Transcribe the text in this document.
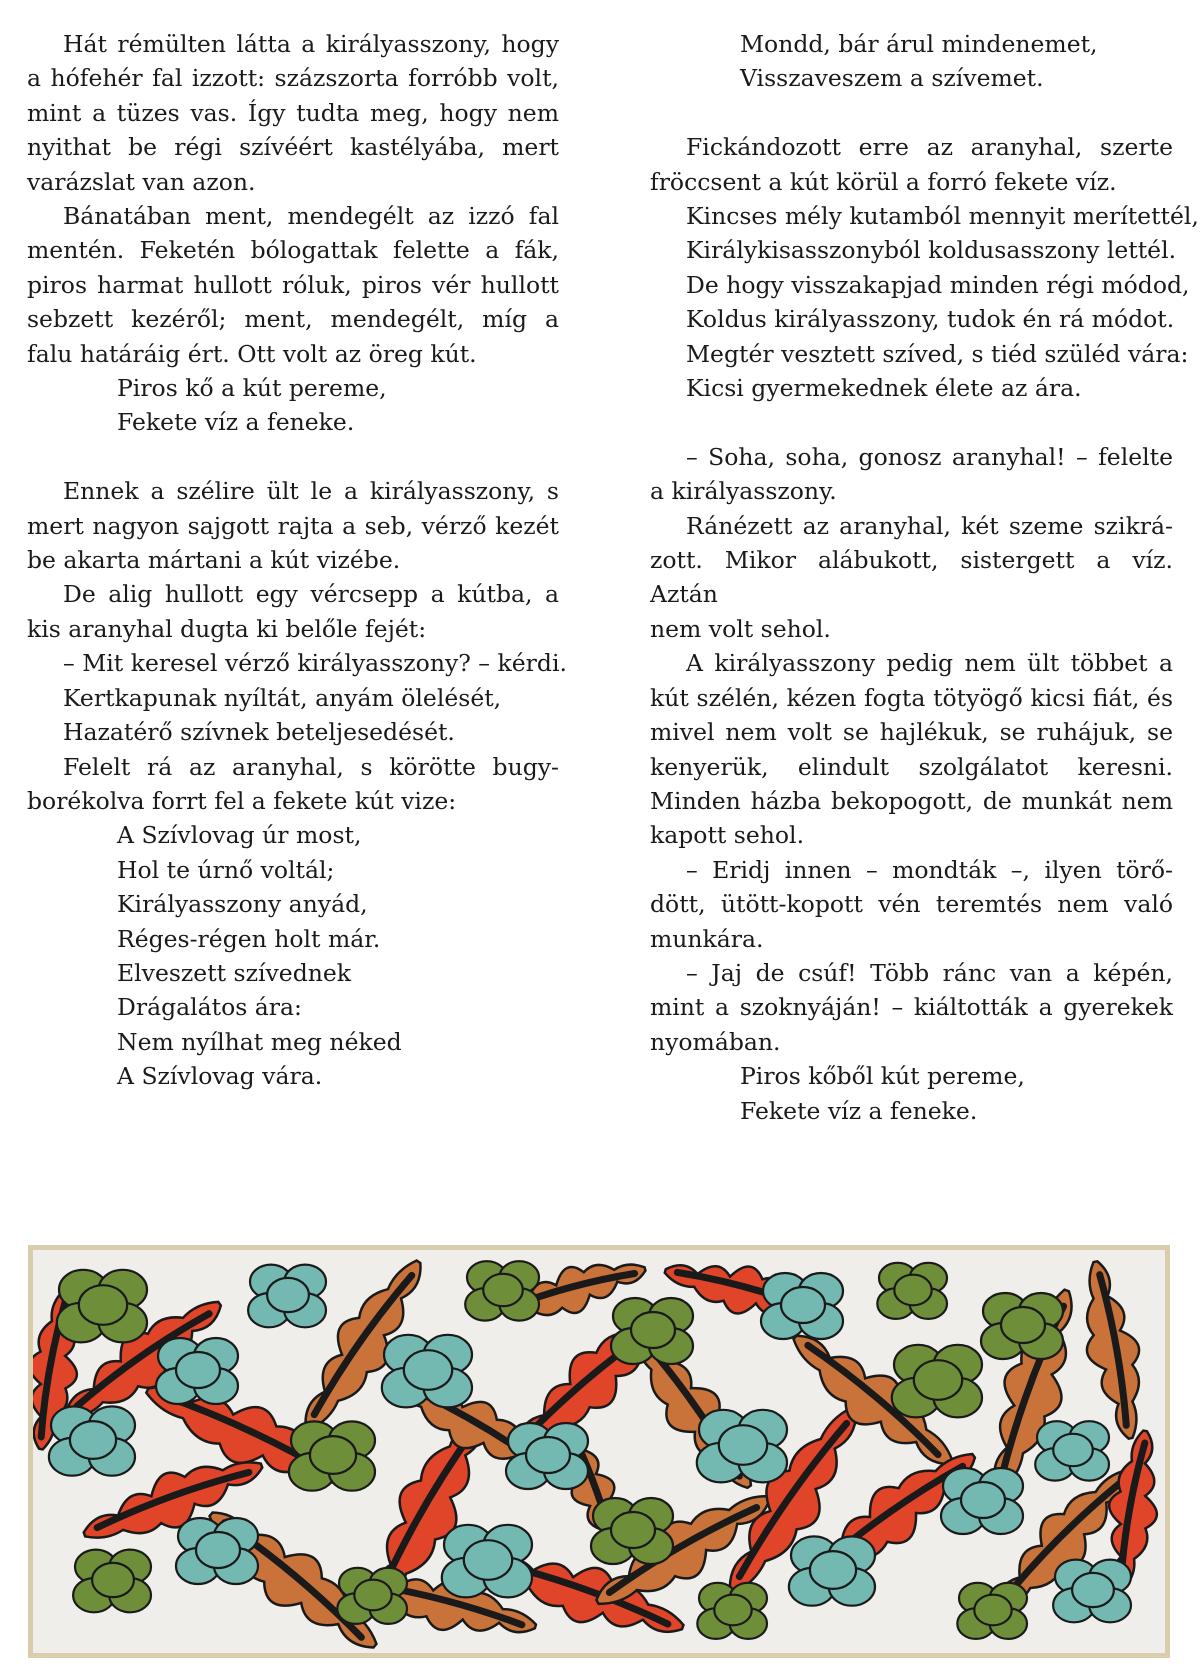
Hát rémülten látta a királyasszony, hogy
a hófehér fal izzott: százszorta forróbb volt,
mint a tüzes vas. Így tudta meg, hogy nem
nyithat be régi szívéért kastélyába, mert
varázslat van azon.
Bánatában ment, mendegélt az izzó fal
mentén. Feketén bólogattak felette a fák,
piros harmat hullott róluk, piros vér hullott
sebzett kezéről; ment, mendegélt, míg a
falu határáig ért. Ott volt az öreg kút.
Piros kő a kút pereme,
Fekete víz a feneke.
Ennek a szélire ült le a királyasszony, s
mert nagyon sajgott rajta a seb, vérző kezét
be akarta mártani a kút vizébe.
De alig hullott egy vércsepp a kútba, a
kis aranyhal dugta ki belőle fejét:
– Mit keresel vérző királyasszony? – kérdi.
Kertkapunak nyíltát, anyám ölelését,
Hazatérő szívnek beteljesedését.
Felelt rá az aranyhal, s körötte bugy-
borékolva forrt fel a fekete kút vize:
A Szívlovag úr most,
Hol te úrnő voltál;
Királyasszony anyád,
Réges-régen holt már.
Elveszett szívednek
Drágalátos ára:
Nem nyílhat meg néked
A Szívlovag vára.
Mondd, bár árul mindenemet,
Visszaveszem a szívemet.
Fickándozott erre az aranyhal, szerte
fröccsent a kút körül a forró fekete víz.
Kincses mély kutamból mennyit merítettél,
Királykisasszonyból koldusasszony lettél.
De hogy visszakapjad minden régi módod,
Koldus királyasszony, tudok én rá módot.
Megtér vesztett szíved, s tiéd szüléd vára:
Kicsi gyermekednek élete az ára.
– Soha, soha, gonosz aranyhal! – felelte
a királyasszony.
Ránézett az aranyhal, két szeme szikrá-
zott. Mikor alábukott, sistergett a víz. Aztán
nem volt sehol.
A királyasszony pedig nem ült többet a
kút szélén, kézen fogta tötyögő kicsi fiát, és
mivel nem volt se hajlékuk, se ruhájuk, se
kenyerük, elindult szolgálatot keresni.
Minden házba bekopogott, de munkát nem
kapott sehol.
– Eridj innen – mondták –, ilyen törő-
dött, ütött-kopott vén teremtés nem való
munkára.
– Jaj de csúf! Több ránc van a képén,
mint a szoknyáján! – kiáltották a gyerekek
nyomában.
Piros kőből kút pereme,
Fekete víz a feneke.
